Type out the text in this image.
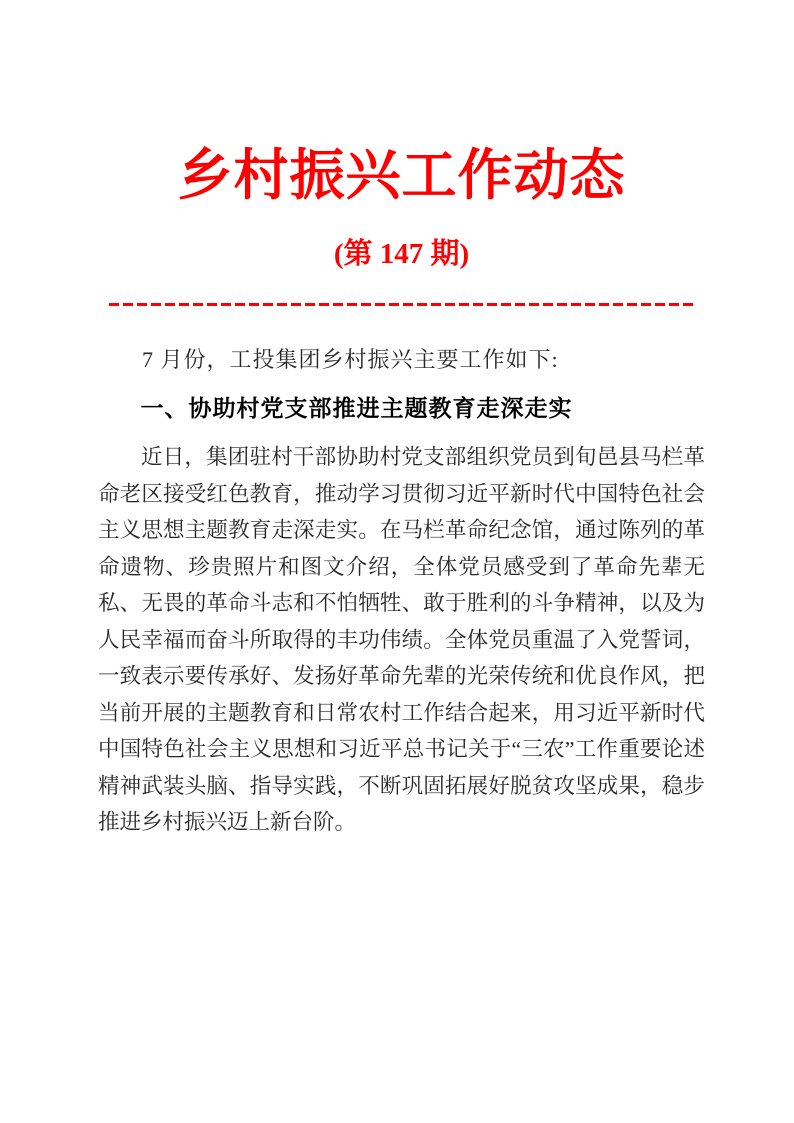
乡村振兴工作动态
(第 147 期)

7 月份，工投集团乡村振兴主要工作如下:

一、协助村党支部推进主题教育走深走实

近日，集团驻村干部协助村党支部组织党员到旬邑县马栏革命老区接受红色教育，推动学习贯彻习近平新时代中国特色社会主义思想主题教育走深走实。在马栏革命纪念馆，通过陈列的革命遗物、珍贵照片和图文介绍，全体党员感受到了革命先辈无私、无畏的革命斗志和不怕牺牲、敢于胜利的斗争精神，以及为人民幸福而奋斗所取得的丰功伟绩。全体党员重温了入党誓词，一致表示要传承好、发扬好革命先辈的光荣传统和优良作风，把当前开展的主题教育和日常农村工作结合起来，用习近平新时代中国特色社会主义思想和习近平总书记关于“三农”工作重要论述精神武装头脑、指导实践，不断巩固拓展好脱贫攻坚成果，稳步推进乡村振兴迈上新台阶。
